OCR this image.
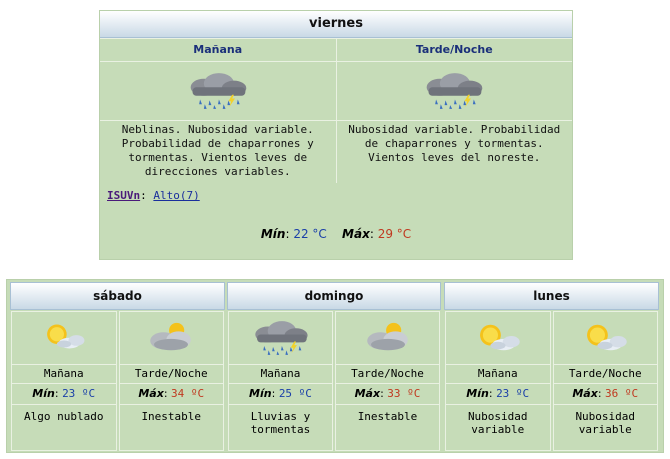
viernes
Mañana
Neblinas. Nubosidad variable. Probabilidad de chaparrones y tormentas. Vientos leves de direcciones variables.
Tarde/Noche
Nubosidad variable. Probabilidad de chaparrones y tormentas. Vientos leves del noreste.
ISUVn: Alto(7)
Mín: 22 °C Máx: 29 °C
sábado
Mañana
Mín: 23 ºC
Algo nublado
Tarde/Noche
Máx: 34 ºC
Inestable
domingo
Mañana
Mín: 25 ºC
Lluvias y tormentas
Tarde/Noche
Máx: 33 ºC
Inestable
lunes
Mañana
Mín: 23 ºC
Nubosidad variable
Tarde/Noche
Máx: 36 ºC
Nubosidad variable
